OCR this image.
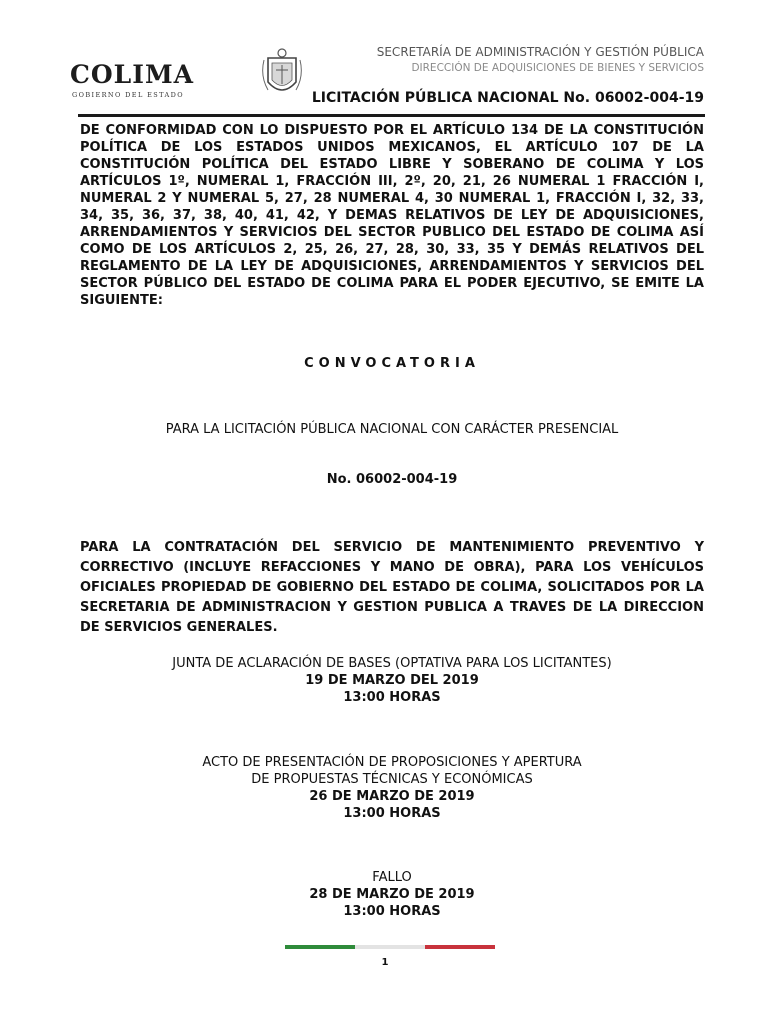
COLIMA
GOBIERNO DEL ESTADO
SECRETARÍA DE ADMINISTRACIÓN Y GESTIÓN PÚBLICA
DIRECCIÓN DE ADQUISICIONES DE BIENES Y SERVICIOS
LICITACIÓN PÚBLICA NACIONAL No. 06002-004-19
DE CONFORMIDAD CON LO DISPUESTO POR EL ARTÍCULO 134 DE LA CONSTITUCIÓN POLÍTICA DE LOS ESTADOS UNIDOS MEXICANOS, EL ARTÍCULO 107 DE LA CONSTITUCIÓN POLÍTICA DEL ESTADO LIBRE Y SOBERANO DE COLIMA Y LOS ARTÍCULOS 1º, NUMERAL 1, FRACCIÓN III, 2º, 20, 21, 26 NUMERAL 1 FRACCIÓN I, NUMERAL 2 Y NUMERAL 5, 27, 28 NUMERAL 4, 30 NUMERAL 1, FRACCIÓN I, 32, 33, 34, 35, 36, 37, 38, 40, 41, 42, Y DEMAS RELATIVOS DE LEY DE ADQUISICIONES, ARRENDAMIENTOS Y SERVICIOS DEL SECTOR PUBLICO DEL ESTADO DE COLIMA ASÍ COMO DE LOS ARTÍCULOS 2, 25, 26, 27, 28, 30, 33, 35 Y DEMÁS RELATIVOS DEL REGLAMENTO DE LA LEY DE ADQUISICIONES, ARRENDAMIENTOS Y SERVICIOS DEL SECTOR PÚBLICO DEL ESTADO DE COLIMA PARA EL PODER EJECUTIVO, SE EMITE LA SIGUIENTE:
CONVOCATORIA
PARA LA LICITACIÓN PÚBLICA NACIONAL CON CARÁCTER PRESENCIAL
No. 06002-004-19
PARA LA CONTRATACIÓN DEL SERVICIO DE MANTENIMIENTO PREVENTIVO Y CORRECTIVO (INCLUYE REFACCIONES Y MANO DE OBRA), PARA LOS VEHÍCULOS OFICIALES PROPIEDAD DE GOBIERNO DEL ESTADO DE COLIMA, SOLICITADOS POR LA SECRETARIA DE ADMINISTRACION Y GESTION PUBLICA A TRAVES DE LA DIRECCION DE SERVICIOS GENERALES.
JUNTA DE ACLARACIÓN DE BASES (OPTATIVA PARA LOS LICITANTES)
19 DE MARZO DEL 2019
13:00 HORAS
ACTO DE PRESENTACIÓN DE PROPOSICIONES Y APERTURA
DE PROPUESTAS TÉCNICAS Y ECONÓMICAS
26 DE MARZO DE 2019
13:00 HORAS
FALLO
28 DE MARZO DE 2019
13:00 HORAS
1
